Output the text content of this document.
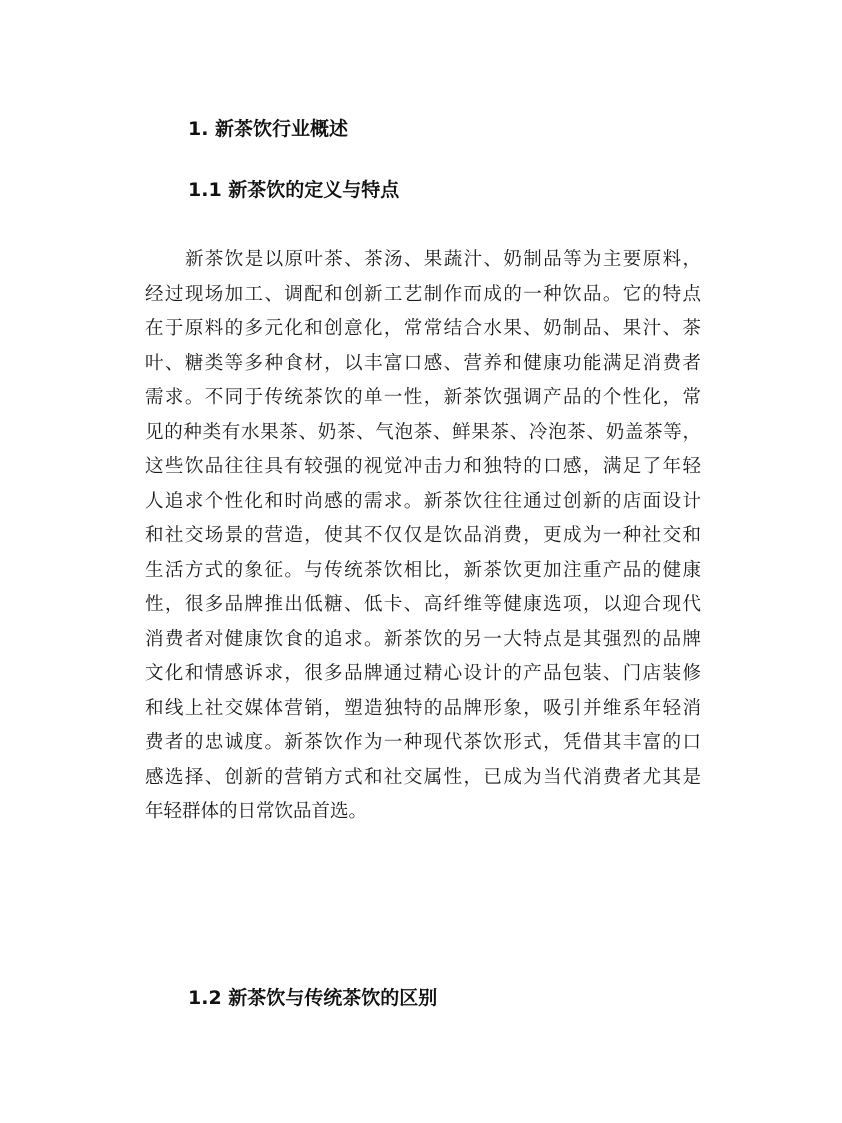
1. 新茶饮行业概述
1.1 新茶饮的定义与特点

新茶饮是以原叶茶、茶汤、果蔬汁、奶制品等为主要原料，
经过现场加工、调配和创新工艺制作而成的一种饮品。它的特点
在于原料的多元化和创意化，常常结合水果、奶制品、果汁、茶
叶、糖类等多种食材，以丰富口感、营养和健康功能满足消费者
需求。不同于传统茶饮的单一性，新茶饮强调产品的个性化，常
见的种类有水果茶、奶茶、气泡茶、鲜果茶、冷泡茶、奶盖茶等，
这些饮品往往具有较强的视觉冲击力和独特的口感，满足了年轻
人追求个性化和时尚感的需求。新茶饮往往通过创新的店面设计
和社交场景的营造，使其不仅仅是饮品消费，更成为一种社交和
生活方式的象征。与传统茶饮相比，新茶饮更加注重产品的健康
性，很多品牌推出低糖、低卡、高纤维等健康选项，以迎合现代
消费者对健康饮食的追求。新茶饮的另一大特点是其强烈的品牌
文化和情感诉求，很多品牌通过精心设计的产品包装、门店装修
和线上社交媒体营销，塑造独特的品牌形象，吸引并维系年轻消
费者的忠诚度。新茶饮作为一种现代茶饮形式，凭借其丰富的口
感选择、创新的营销方式和社交属性，已成为当代消费者尤其是
年轻群体的日常饮品首选。

1.2 新茶饮与传统茶饮的区别
